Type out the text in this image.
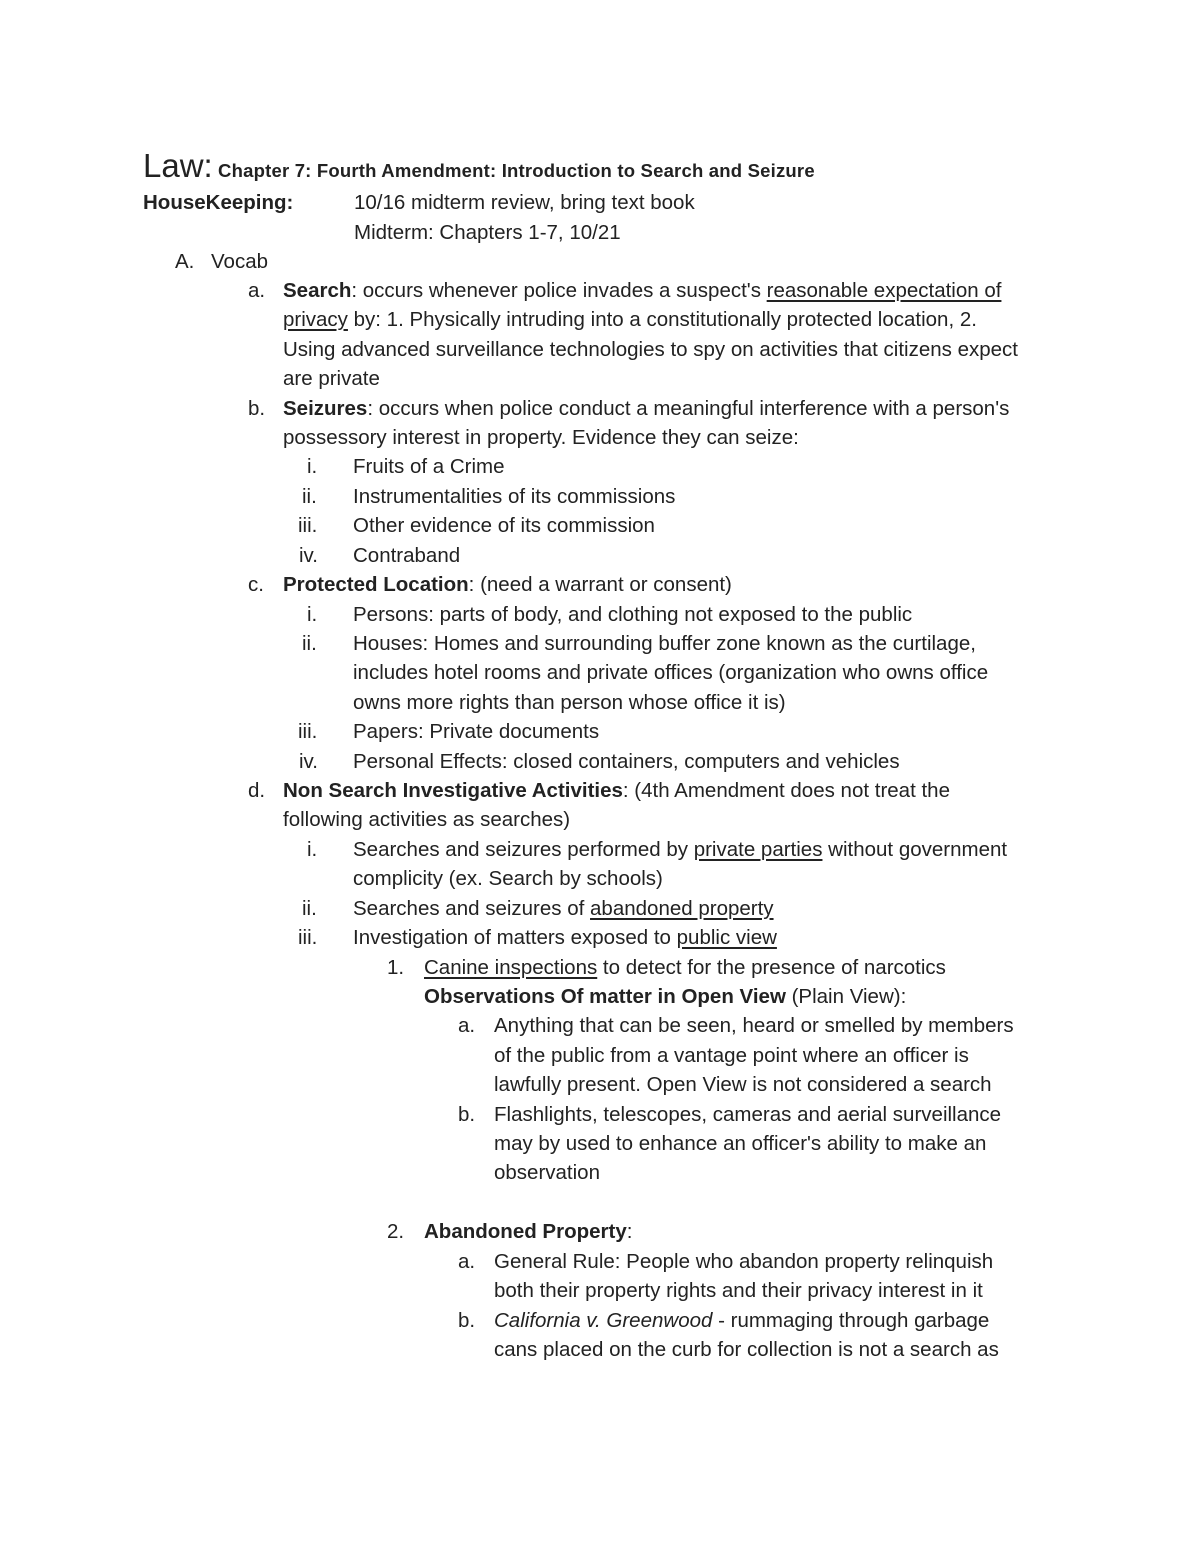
Law: Chapter 7: Fourth Amendment: Introduction to Search and Seizure
HouseKeeping:	10/16 midterm review, bring text book
Midterm: Chapters 1-7, 10/21
A. Vocab
a. Search: occurs whenever police invades a suspect's reasonable expectation of
privacy by: 1. Physically intruding into a constitutionally protected location, 2.
Using advanced surveillance technologies to spy on activities that citizens expect
are private
b. Seizures: occurs when police conduct a meaningful interference with a person's
possessory interest in property. Evidence they can seize:
i. Fruits of a Crime
ii. Instrumentalities of its commissions
iii. Other evidence of its commission
iv. Contraband
c. Protected Location: (need a warrant or consent)
i. Persons: parts of body, and clothing not exposed to the public
ii. Houses: Homes and surrounding buffer zone known as the curtilage,
includes hotel rooms and private offices (organization who owns office
owns more rights than person whose office it is)
iii. Papers: Private documents
iv. Personal Effects: closed containers, computers and vehicles
d. Non Search Investigative Activities: (4th Amendment does not treat the
following activities as searches)
i. Searches and seizures performed by private parties without government
complicity (ex. Search by schools)
ii. Searches and seizures of abandoned property
iii. Investigation of matters exposed to public view
1. Canine inspections to detect for the presence of narcotics
Observations Of matter in Open View (Plain View):
a. Anything that can be seen, heard or smelled by members
of the public from a vantage point where an officer is
lawfully present. Open View is not considered a search
b. Flashlights, telescopes, cameras and aerial surveillance
may by used to enhance an officer's ability to make an
observation
2. Abandoned Property:
a. General Rule: People who abandon property relinquish
both their property rights and their privacy interest in it
b. California v. Greenwood - rummaging through garbage
cans placed on the curb for collection is not a search as
